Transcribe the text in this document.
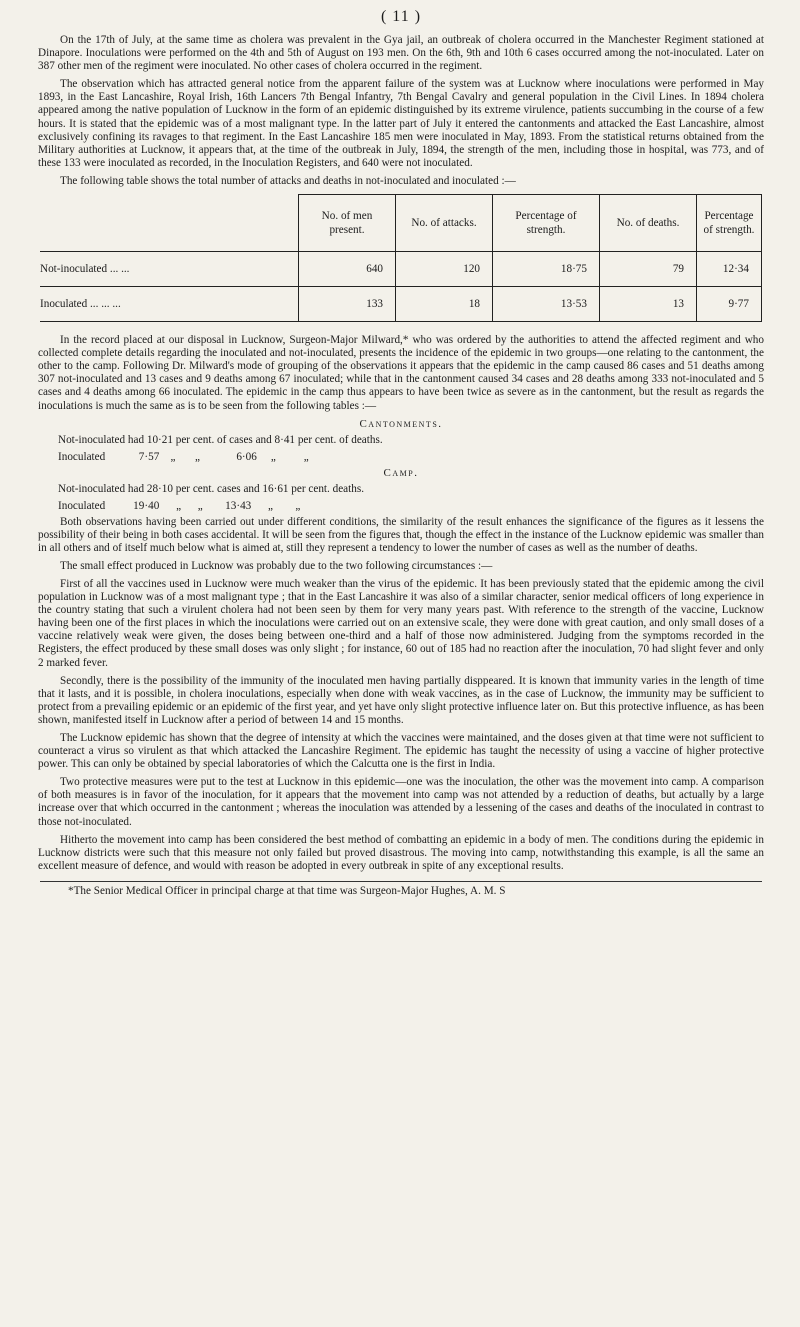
( 11 )

On the 17th of July, at the same time as cholera was prevalent in the Gya jail, an outbreak of cholera occurred in the Manchester Regiment stationed at Dinapore. Inoculations were performed on the 4th and 5th of August on 193 men. On the 6th, 9th and 10th 6 cases occurred among the not-inoculated. Later on 387 other men of the regiment were inoculated. No other cases of cholera occurred in the regiment.

The observation which has attracted general notice from the apparent failure of the system was at Lucknow where inoculations were performed in May 1893, in the East Lancashire, Royal Irish, 16th Lancers 7th Bengal Infantry, 7th Bengal Cavalry and general population in the Civil Lines. In 1894 cholera appeared among the native population of Lucknow in the form of an epidemic distinguished by its extreme virulence, patients succumbing in the course of a few hours. It is stated that the epidemic was of a most malignant type. In the latter part of July it entered the cantonments and attacked the East Lancashire, almost exclusively confining its ravages to that regiment. In the East Lancashire 185 men were inoculated in May, 1893. From the statistical returns obtained from the Military authorities at Lucknow, it appears that, at the time of the outbreak in July, 1894, the strength of the men, including those in hospital, was 773, and of these 133 were inoculated as recorded, in the Inoculation Registers, and 640 were not inoculated.

The following table shows the total number of attacks and deaths in not-inoculated and inoculated :—

	No. of men present.	No. of attacks.	Percentage of strength.	No. of deaths.	Percentage of strength.
Not-inoculated ... ...	640	120	18·75	79	12·34
Inoculated ... ... ...	133	18	13·53	13	9·77

In the record placed at our disposal in Lucknow, Surgeon-Major Milward,* who was ordered by the authorities to attend the affected regiment and who collected complete details regarding the inoculated and not-inoculated, presents the incidence of the epidemic in two groups—one relating to the cantonment, the other to the camp. Following Dr. Milward's mode of grouping of the observations it appears that the epidemic in the camp caused 86 cases and 51 deaths among 307 not-inoculated and 13 cases and 9 deaths among 67 inoculated; while that in the cantonment caused 34 cases and 28 deaths among 333 not-inoculated and 5 cases and 4 deaths among 66 inoculated. The epidemic in the camp thus appears to have been twice as severe as in the cantonment, but the result as regards the inoculations is much the same as is to be seen from the following tables :—

Cantonments.
Not-inoculated had 10·21 per cent. of cases and 8·41 per cent. of deaths.
Inoculated            7·57    „       „             6·06     „          „
Camp.
Not-inoculated had 28·10 per cent. cases and 16·61 per cent. deaths.
Inoculated          19·40      „      „        13·43      „        „

Both observations having been carried out under different conditions, the similarity of the result enhances the significance of the figures as it lessens the possibility of their being in both cases accidental. It will be seen from the figures that, though the effect in the instance of the Lucknow epidemic was smaller than in all others and of itself much below what is aimed at, still they represent a tendency to lower the number of cases as well as the number of deaths.

The small effect produced in Lucknow was probably due to the two following circumstances :—

First of all the vaccines used in Lucknow were much weaker than the virus of the epidemic. It has been previously stated that the epidemic among the civil population in Lucknow was of a most malignant type ; that in the East Lancashire it was also of a similar character, senior medical officers of long experience in the country stating that such a virulent cholera had not been seen by them for very many years past. With reference to the strength of the vaccine, Lucknow having been one of the first places in which the inoculations were carried out on an extensive scale, they were done with great caution, and only small doses of a vaccine relatively weak were given, the doses being between one-third and a half of those now administered. Judging from the symptoms recorded in the Registers, the effect produced by these small doses was only slight ; for instance, 60 out of 185 had no reaction after the inoculation, 70 had slight fever and only 2 marked fever.

Secondly, there is the possibility of the immunity of the inoculated men having partially disppeared. It is known that immunity varies in the length of time that it lasts, and it is possible, in cholera inoculations, especially when done with weak vaccines, as in the case of Lucknow, the immunity may be sufficient to protect from a prevailing epidemic or an epidemic of the first year, and yet have only slight protective influence later on. But this protective influence, as has been shown, manifested itself in Lucknow after a period of between 14 and 15 months.

The Lucknow epidemic has shown that the degree of intensity at which the vaccines were maintained, and the doses given at that time were not sufficient to counteract a virus so virulent as that which attacked the Lancashire Regiment. The epidemic has taught the necessity of using a vaccine of higher protective power. This can only be obtained by special laboratories of which the Calcutta one is the first in India.

Two protective measures were put to the test at Lucknow in this epidemic—one was the inoculation, the other was the movement into camp. A comparison of both measures is in favor of the inoculation, for it appears that the movement into camp was not attended by a reduction of deaths, but actually by a large increase over that which occurred in the cantonment ; whereas the inoculation was attended by a lessening of the cases and deaths of the inoculated in contrast to those not-inoculated.

Hitherto the movement into camp has been considered the best method of combatting an epidemic in a body of men. The conditions during the epidemic in Lucknow districts were such that this measure not only failed but proved disastrous. The moving into camp, notwithstanding this example, is all the same an excellent measure of defence, and would with reason be adopted in every outbreak in spite of any exceptional results.

*The Senior Medical Officer in principal charge at that time was Surgeon-Major Hughes, A. M. S
